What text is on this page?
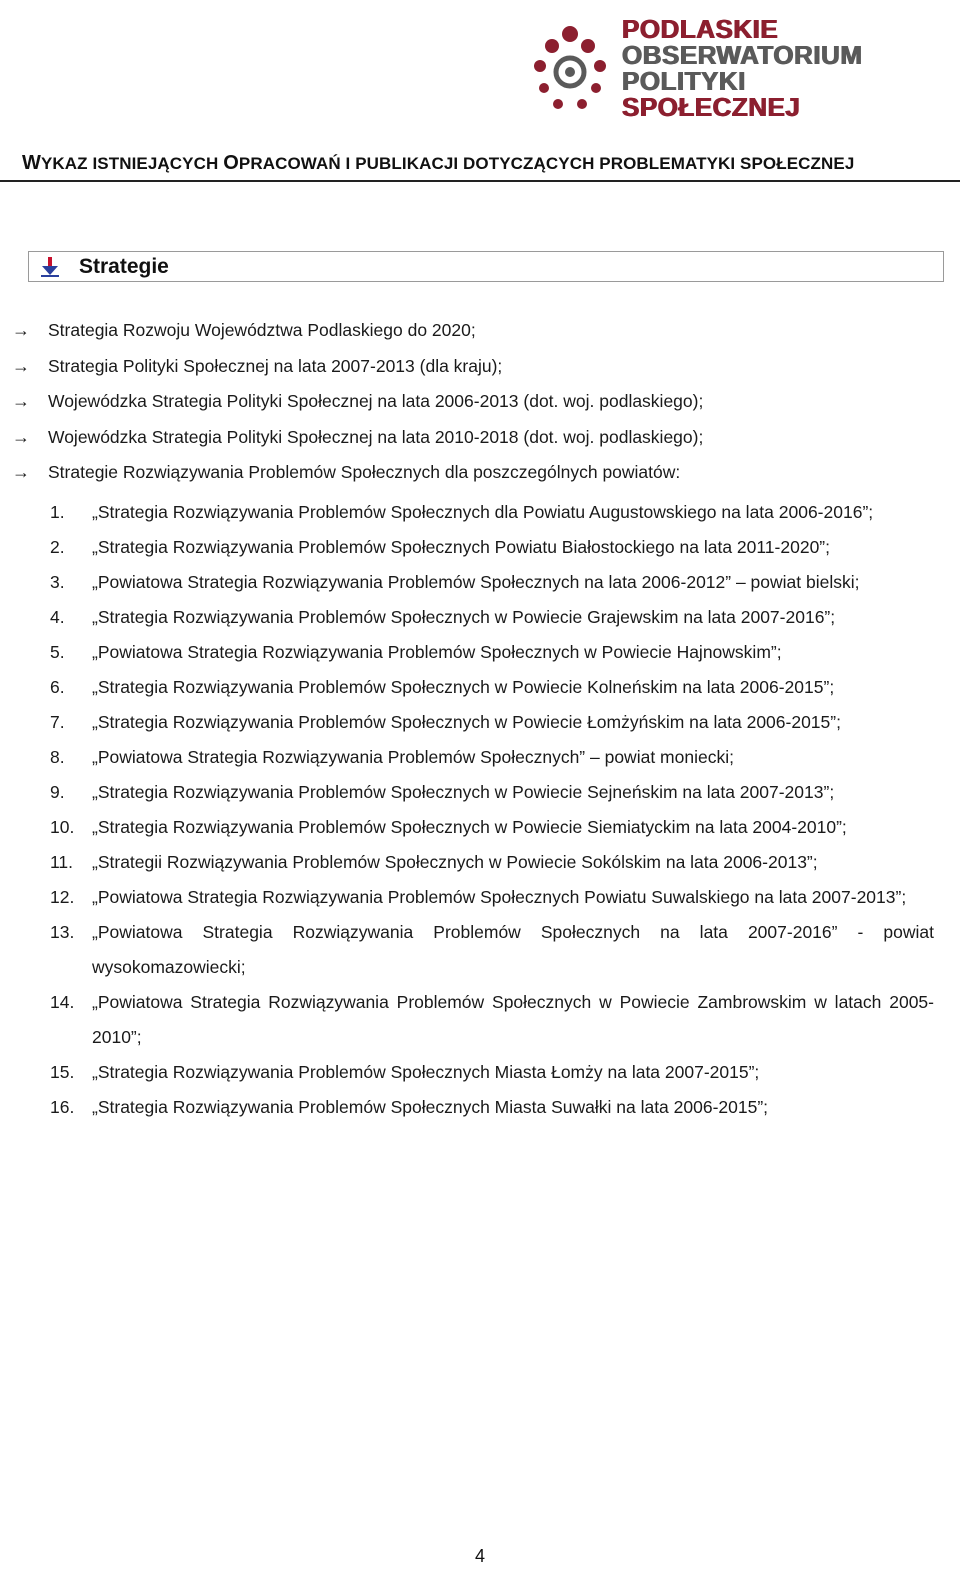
PODLASKIE
OBSERWATORIUM
POLITYKI
SPOŁECZNEJ
WYKAZ ISTNIEJĄCYCH OPRACOWAŃ I PUBLIKACJI DOTYCZĄCYCH PROBLEMATYKI SPOŁECZNEJ
Strategie
→	Strategia Rozwoju Województwa Podlaskiego do 2020;
→	Strategia Polityki Społecznej na lata 2007-2013 (dla kraju);
→	Wojewódzka Strategia Polityki Społecznej na lata 2006-2013 (dot. woj. podlaskiego);
→	Wojewódzka Strategia Polityki Społecznej na lata 2010-2018 (dot. woj. podlaskiego);
→	Strategie Rozwiązywania Problemów Społecznych dla poszczególnych powiatów:
1.	„Strategia Rozwiązywania Problemów Społecznych dla Powiatu Augustowskiego na lata 2006-2016”;
2.	„Strategia Rozwiązywania Problemów Społecznych Powiatu Białostockiego na lata 2011-2020”;
3.	„Powiatowa Strategia Rozwiązywania Problemów Społecznych na lata 2006-2012” – powiat bielski;
4.	„Strategia Rozwiązywania Problemów Społecznych w Powiecie Grajewskim na lata 2007-2016”;
5.	„Powiatowa Strategia Rozwiązywania Problemów Społecznych w Powiecie Hajnowskim”;
6.	„Strategia Rozwiązywania Problemów Społecznych w Powiecie Kolneńskim na lata 2006-2015”;
7.	„Strategia Rozwiązywania Problemów Społecznych w Powiecie Łomżyńskim na lata 2006-2015”;
8.	„Powiatowa Strategia Rozwiązywania Problemów Społecznych” – powiat moniecki;
9.	„Strategia Rozwiązywania Problemów Społecznych w Powiecie Sejneńskim na lata 2007-2013”;
10.	„Strategia Rozwiązywania Problemów Społecznych w Powiecie Siemiatyckim na lata 2004-2010”;
11.	„Strategii Rozwiązywania Problemów Społecznych w Powiecie Sokólskim na lata 2006-2013”;
12.	„Powiatowa Strategia Rozwiązywania Problemów Społecznych Powiatu Suwalskiego na lata 2007-2013”;
13.	„Powiatowa Strategia Rozwiązywania Problemów Społecznych na lata 2007-2016” - powiat wysokomazowiecki;
14.	„Powiatowa Strategia Rozwiązywania Problemów Społecznych w Powiecie Zambrowskim w latach 2005-2010”;
15.	„Strategia Rozwiązywania Problemów Społecznych Miasta Łomży na lata 2007-2015”;
16.	„Strategia Rozwiązywania Problemów Społecznych Miasta Suwałki na lata 2006-2015”;
4
